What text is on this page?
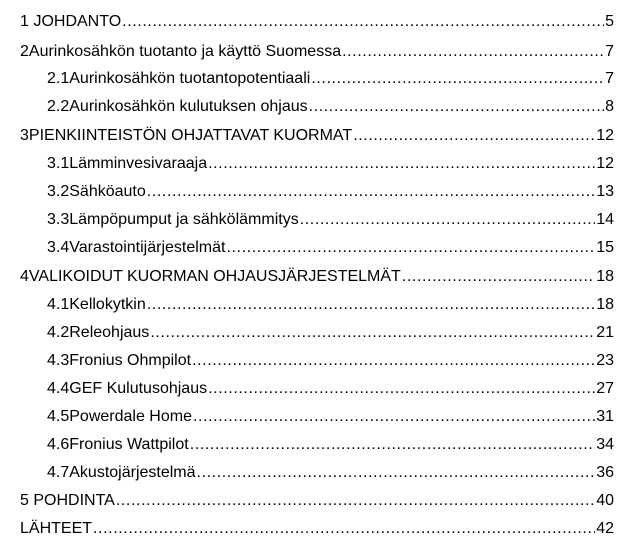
1 JOHDANTO .....	5
2 Aurinkosähkön tuotanto ja käyttö Suomessa .....	7
2.1 Aurinkosähkön tuotantopotentiaali .....	7
2.2 Aurinkosähkön kulutuksen ohjaus .....	8
3 PIENKIINTEISTÖN OHJATTAVAT KUORMAT .....	12
3.1 Lämminvesivaraaja .....	12
3.2 Sähköauto .....	13
3.3 Lämpöpumput ja sähkölämmitys .....	14
3.4 Varastointijärjestelmät .....	15
4 VALIKOIDUT KUORMAN OHJAUSJÄRJESTELMÄT .....	18
4.1 Kellokytkin .....	18
4.2 Releohjaus .....	21
4.3 Fronius Ohmpilot .....	23
4.4 GEF Kulutusohjaus .....	27
4.5 Powerdale Home .....	31
4.6 Fronius Wattpilot .....	34
4.7 Akustojärjestelmä .....	36
5 POHDINTA .....	40
LÄHTEET .....	42
